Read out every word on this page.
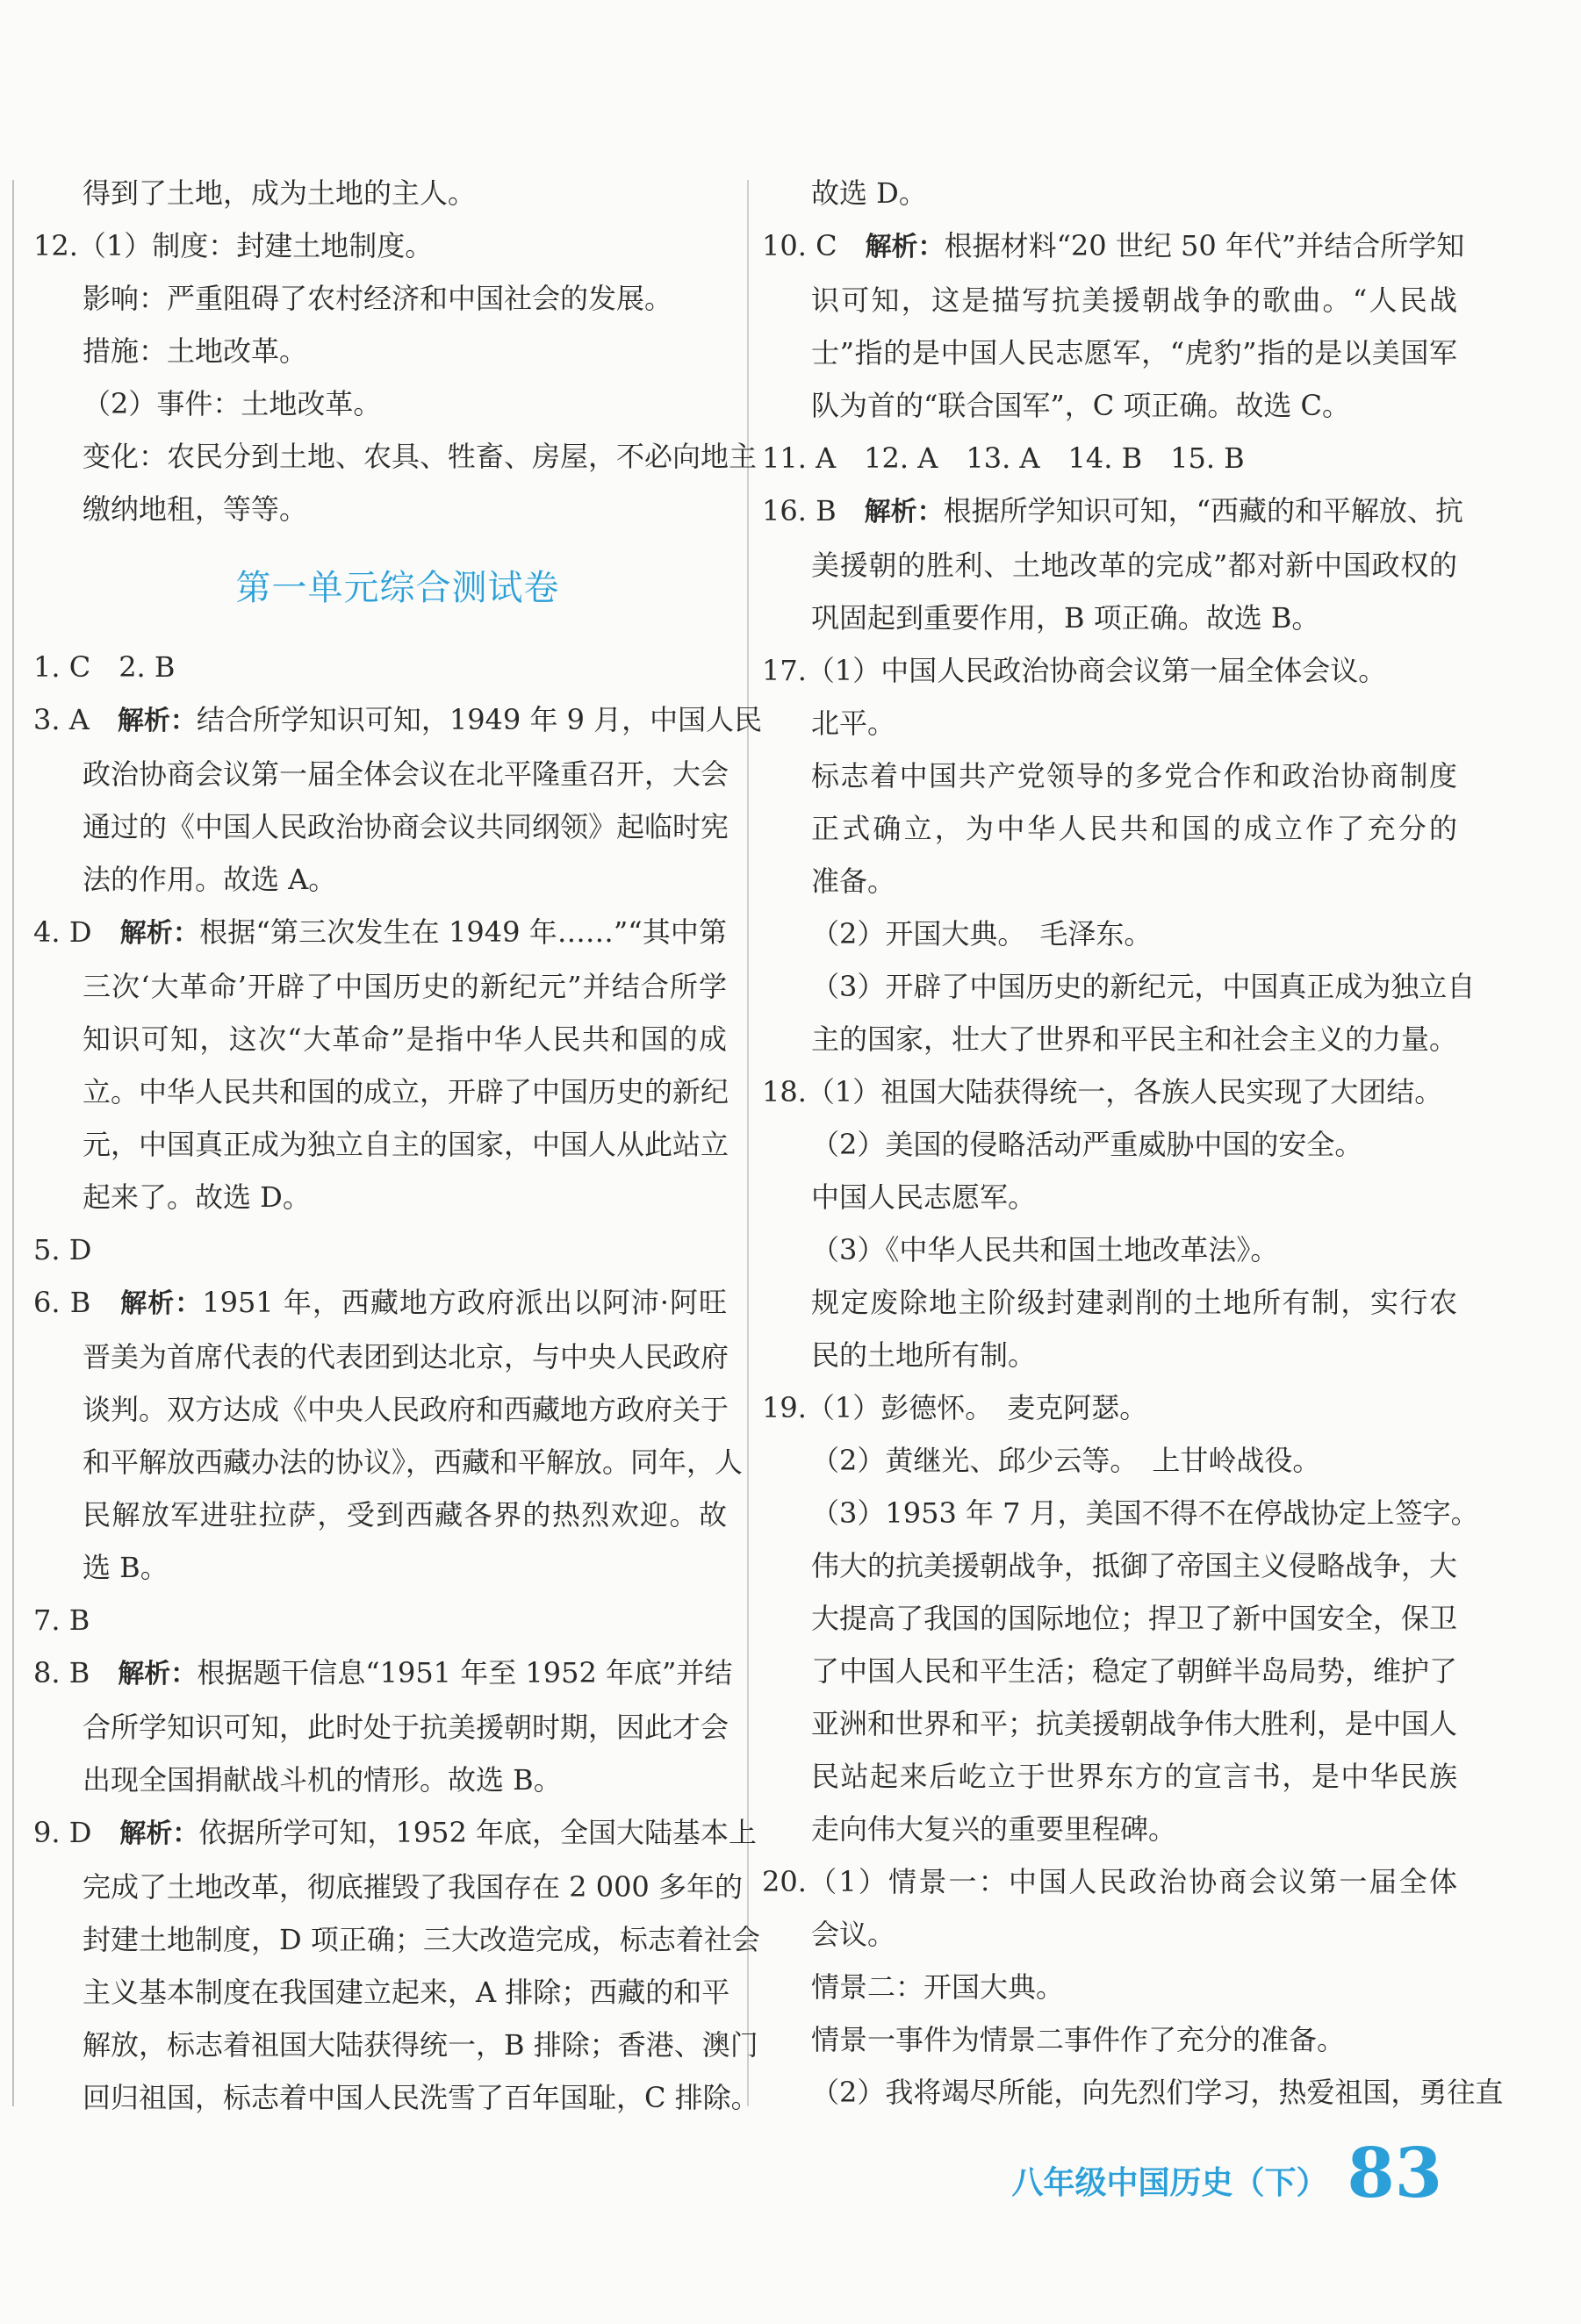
得到了土地，成为土地的主人。
12.（1）制度：封建土地制度。
影响：严重阻碍了农村经济和中国社会的发展。
措施：土地改革。
（2）事件：土地改革。
变化：农民分到土地、农具、牲畜、房屋，不必向地主
缴纳地租，等等。
第一单元综合测试卷
1. C　2. B
3. A　解析：结合所学知识可知，1949 年 9 月，中国人民
政治协商会议第一届全体会议在北平隆重召开，大会
通过的《中国人民政治协商会议共同纲领》起临时宪
法的作用。故选 A。
4. D　解析：根据“第三次发生在 1949 年……”“其中第
三次‘大革命’开辟了中国历史的新纪元”并结合所学
知识可知，这次“大革命”是指中华人民共和国的成
立。中华人民共和国的成立，开辟了中国历史的新纪
元，中国真正成为独立自主的国家，中国人从此站立
起来了。故选 D。
5. D
6. B　解析：1951 年，西藏地方政府派出以阿沛·阿旺
晋美为首席代表的代表团到达北京，与中央人民政府
谈判。双方达成《中央人民政府和西藏地方政府关于
和平解放西藏办法的协议》，西藏和平解放。同年，人
民解放军进驻拉萨，受到西藏各界的热烈欢迎。故
选 B。
7. B
8. B　解析：根据题干信息“1951 年至 1952 年底”并结
合所学知识可知，此时处于抗美援朝时期，因此才会
出现全国捐献战斗机的情形。故选 B。
9. D　解析：依据所学可知，1952 年底，全国大陆基本上
完成了土地改革，彻底摧毁了我国存在 2 000 多年的
封建土地制度，D 项正确；三大改造完成，标志着社会
主义基本制度在我国建立起来，A 排除；西藏的和平
解放，标志着祖国大陆获得统一，B 排除；香港、澳门
回归祖国，标志着中国人民洗雪了百年国耻，C 排除。
故选 D。
10. C　解析：根据材料“20 世纪 50 年代”并结合所学知
识可知，这是描写抗美援朝战争的歌曲。“人民战
士”指的是中国人民志愿军，“虎豹”指的是以美国军
队为首的“联合国军”，C 项正确。故选 C。
11. A　12. A　13. A　14. B　15. B
16. B　解析：根据所学知识可知，“西藏的和平解放、抗
美援朝的胜利、土地改革的完成”都对新中国政权的
巩固起到重要作用，B 项正确。故选 B。
17.（1）中国人民政治协商会议第一届全体会议。
北平。
标志着中国共产党领导的多党合作和政治协商制度
正式确立，为中华人民共和国的成立作了充分的
准备。
（2）开国大典。　毛泽东。
（3）开辟了中国历史的新纪元，中国真正成为独立自
主的国家，壮大了世界和平民主和社会主义的力量。
18.（1）祖国大陆获得统一，各族人民实现了大团结。
（2）美国的侵略活动严重威胁中国的安全。
中国人民志愿军。
（3）《中华人民共和国土地改革法》。
规定废除地主阶级封建剥削的土地所有制，实行农
民的土地所有制。
19.（1）彭德怀。　麦克阿瑟。
（2）黄继光、邱少云等。　上甘岭战役。
（3）1953 年 7 月，美国不得不在停战协定上签字。
伟大的抗美援朝战争，抵御了帝国主义侵略战争，大
大提高了我国的国际地位；捍卫了新中国安全，保卫
了中国人民和平生活；稳定了朝鲜半岛局势，维护了
亚洲和世界和平；抗美援朝战争伟大胜利，是中国人
民站起来后屹立于世界东方的宣言书，是中华民族
走向伟大复兴的重要里程碑。
20.（1）情景一：中国人民政治协商会议第一届全体
会议。
情景二：开国大典。
情景一事件为情景二事件作了充分的准备。
（2）我将竭尽所能，向先烈们学习，热爱祖国，勇往直
八年级中国历史（下） 83
